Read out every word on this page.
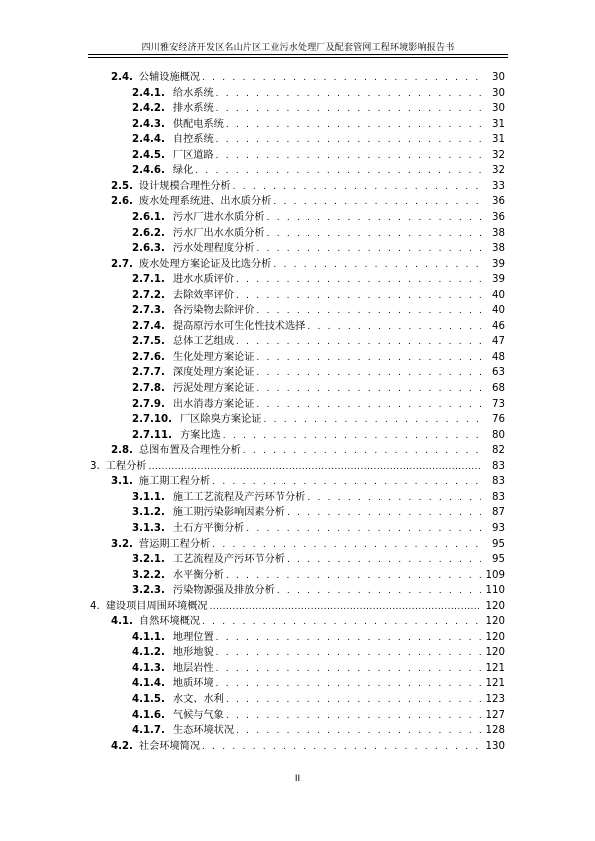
四川雅安经济开发区名山片区工业污水处理厂及配套管网工程环境影响报告书
2.4. 公辅设施概况 . . .	30
2.4.1. 给水系统 . . .	30
2.4.2. 排水系统 . . .	30
2.4.3. 供配电系统 . . .	31
2.4.4. 自控系统 . . .	31
2.4.5. 厂区道路 . . .	32
2.4.6. 绿化 . . .	32
2.5. 设计规模合理性分析 . . .	33
2.6. 废水处理系统进、出水质分析 . . .	36
2.6.1. 污水厂进水水质分析 . . .	36
2.6.2. 污水厂出水水质分析 . . .	38
2.6.3. 污水处理程度分析 . . .	38
2.7. 废水处理方案论证及比选分析 . . .	39
2.7.1. 进水水质评价 . . .	39
2.7.2. 去除效率评价 . . .	40
2.7.3. 各污染物去除评价 . . .	40
2.7.4. 提高原污水可生化性技术选择 . . .	46
2.7.5. 总体工艺组成 . . .	47
2.7.6. 生化处理方案论证 . . .	48
2.7.7. 深度处理方案论证 . . .	63
2.7.8. 污泥处理方案论证 . . .	68
2.7.9. 出水消毒方案论证 . . .	73
2.7.10. 厂区除臭方案论证 . . .	76
2.7.11. 方案比选 . . .	80
2.8. 总图布置及合理性分析 . . .	82
3. 工程分析 .....	83
3.1. 施工期工程分析 . . .	83
3.1.1. 施工工艺流程及产污环节分析 . . .	83
3.1.2. 施工期污染影响因素分析 . . .	87
3.1.3. 土石方平衡分析 . . .	93
3.2. 营运期工程分析 . . .	95
3.2.1. 工艺流程及产污环节分析 . . .	95
3.2.2. 水平衡分析 . . .	109
3.2.3. 污染物源强及排放分析 . . .	110
4. 建设项目周围环境概况 .....	120
4.1. 自然环境概况 . . .	120
4.1.1. 地理位置 . . .	120
4.1.2. 地形地貌 . . .	120
4.1.3. 地层岩性 . . .	121
4.1.4. 地质环境 . . .	121
4.1.5. 水文、水利 . . .	123
4.1.6. 气候与气象 . . .	127
4.1.7. 生态环境状况 . . .	128
4.2. 社会环境简况 . . .	130
II
